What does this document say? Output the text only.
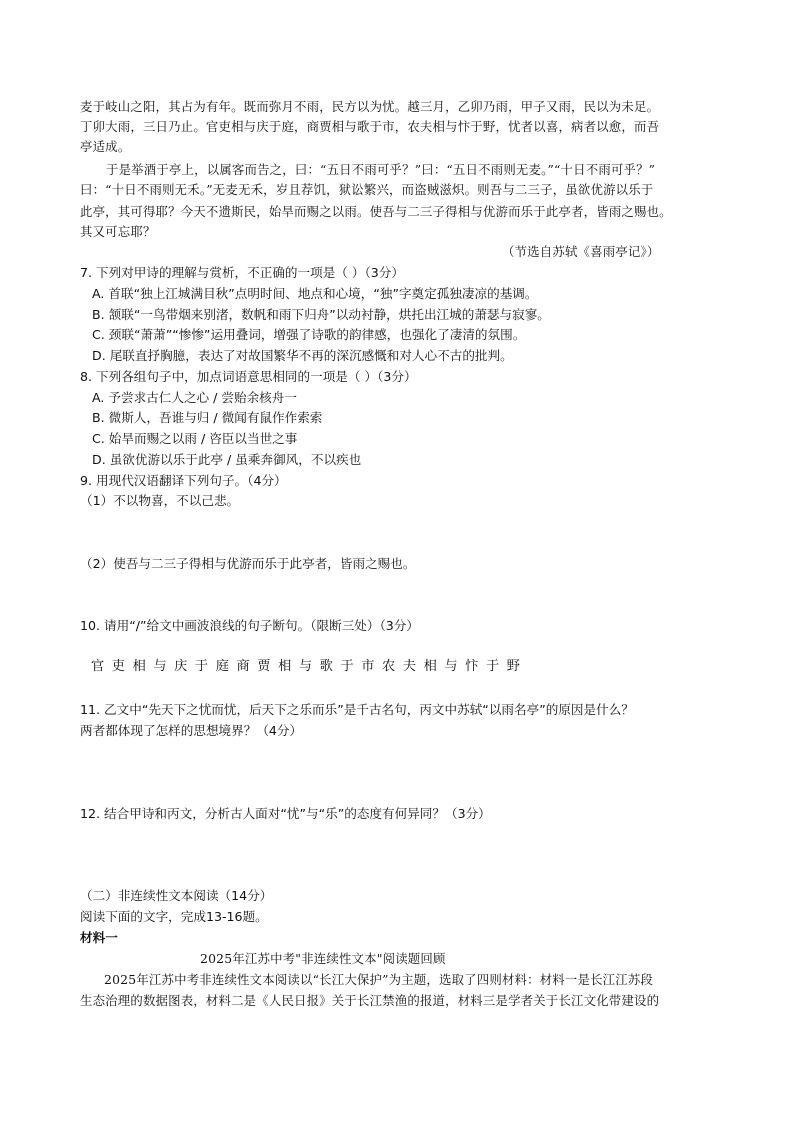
麦于岐山之阳，其占为有年。既而弥月不雨，民方以为忧。越三月，乙卯乃雨，甲子又雨，民以为未足。
丁卯大雨，三日乃止。官吏相与庆于庭，商贾相与歌于市，农夫相与忭于野，忧者以喜，病者以愈，而吾
亭适成。
于是举酒于亭上，以属客而告之，曰：“五日不雨可乎？”曰：“五日不雨则无麦。”“十日不雨可乎？”
曰：“十日不雨则无禾。”无麦无禾，岁且荐饥，狱讼繁兴，而盗贼滋炽。则吾与二三子，虽欲优游以乐于
此亭，其可得耶？今天不遗斯民，始旱而赐之以雨。使吾与二三子得相与优游而乐于此亭者，皆雨之赐也。
其又可忘耶？
（节选自苏轼《喜雨亭记》）
7. 下列对甲诗的理解与赏析，不正确的一项是（ ）（3分）
A. 首联“独上江城满目秋”点明时间、地点和心境，“独”字奠定孤独凄凉的基调。
B. 颔联“一鸟带烟来别渚，数帆和雨下归舟”以动衬静，烘托出江城的萧瑟与寂寥。
C. 颈联“萧萧”“惨惨”运用叠词，增强了诗歌的韵律感，也强化了凄清的氛围。
D. 尾联直抒胸臆，表达了对故国繁华不再的深沉感慨和对人心不古的批判。
8. 下列各组句子中，加点词语意思相同的一项是（ ）（3分）
A. 予尝求古仁人之心 / 尝贻余核舟一
B. 微斯人，吾谁与归 / 微闻有鼠作作索索
C. 始旱而赐之以雨 / 咨臣以当世之事
D. 虽欲优游以乐于此亭 / 虽乘奔御风，不以疾也
9. 用现代汉语翻译下列句子。（4分）
（1）不以物喜，不以己悲。
（2）使吾与二三子得相与优游而乐于此亭者，皆雨之赐也。
10. 请用“/”给文中画波浪线的句子断句。（限断三处）（3分）
官吏相与庆于庭商贾相与歌于市农夫相与忭于野
11. 乙文中“先天下之忧而忧，后天下之乐而乐”是千古名句，丙文中苏轼“以雨名亭”的原因是什么？
两者都体现了怎样的思想境界？（4分）
12. 结合甲诗和丙文，分析古人面对“忧”与“乐”的态度有何异同？（3分）
（二）非连续性文本阅读（14分）
阅读下面的文字，完成13-16题。
材料一
2025年江苏中考"非连续性文本"阅读题回顾
2025年江苏中考非连续性文本阅读以“长江大保护”为主题，选取了四则材料：材料一是长江江苏段
生态治理的数据图表，材料二是《人民日报》关于长江禁渔的报道，材料三是学者关于长江文化带建设的
